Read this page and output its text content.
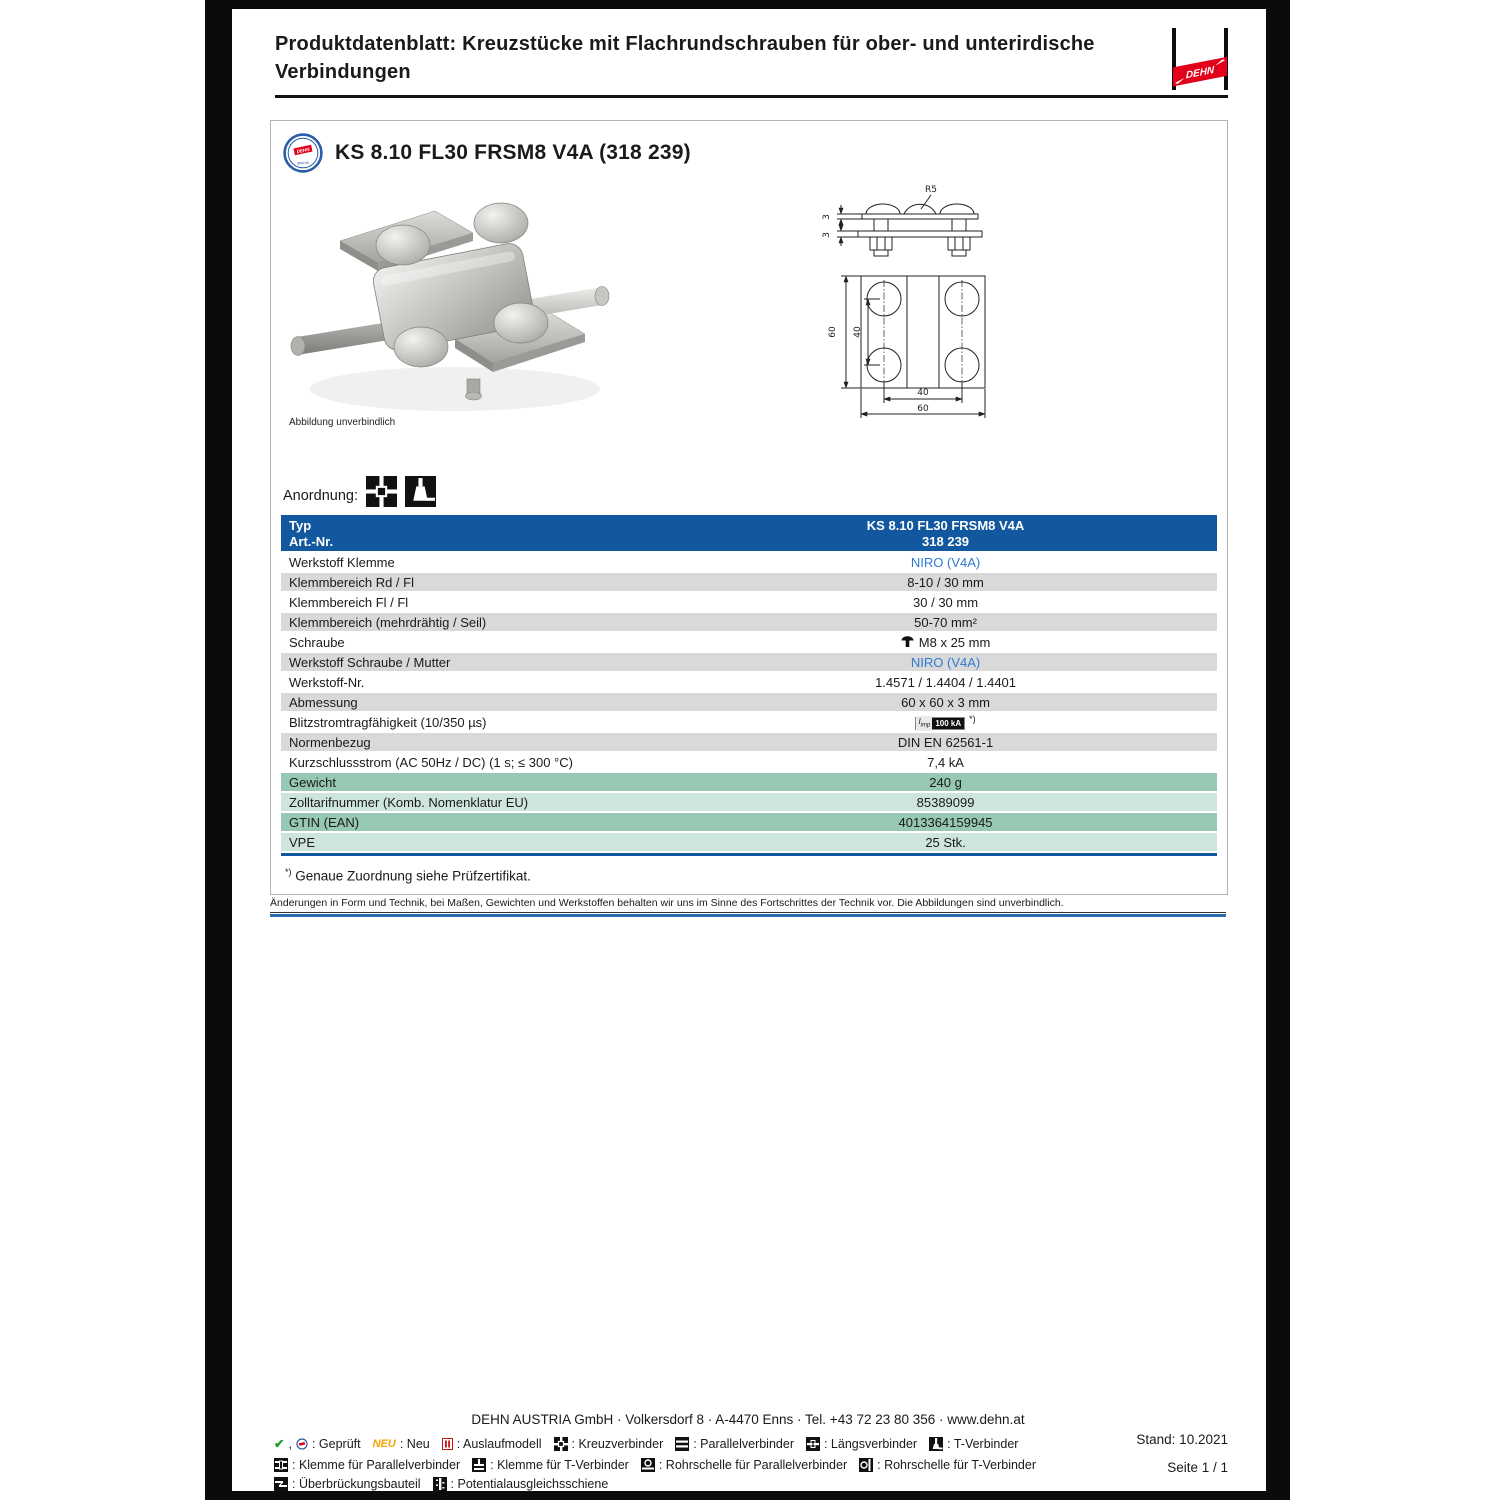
Produktdatenblatt: Kreuzstücke mit Flachrundschrauben für ober- und unterirdische Verbindungen	DEHN
DEHN
geprüft KS 8.10 FL30 FRSM8 V4A (318 239)
Abbildung unverbindlich
R5
3
3
60 40
40
60
Anordnung:
Typ	KS 8.10 FL30 FRSM8 V4A
Art.-Nr.	318 239
Werkstoff Klemme	NIRO (V4A)
Klemmbereich Rd / Fl	8-10 / 30 mm
Klemmbereich Fl / Fl	30 / 30 mm
Klemmbereich (mehrdrähtig / Seil)	50-70 mm²
Schraube	M8 x 25 mm
Werkstoff Schraube / Mutter	NIRO (V4A)
Werkstoff-Nr.	1.4571 / 1.4404 / 1.4401
Abmessung	60 x 60 x 3 mm
Blitzstromtragfähigkeit (10/350 µs)	$I_{imp}$ 100 kA *)
Normenbezug	DIN EN 62561-1
Kurzschlussstrom (AC 50Hz / DC) (1 s; ≤ 300 °C)	7,4 kA
Gewicht	240 g
Zolltarifnummer (Komb. Nomenklatur EU)	85389099
GTIN (EAN)	4013364159945
VPE	25 Stk.
*) Genaue Zuordnung siehe Prüfzertifikat.
Änderungen in Form und Technik, bei Maßen, Gewichten und Werkstoffen behalten wir uns im Sinne des Fortschrittes der Technik vor. Die Abbildungen sind unverbindlich.
DEHN AUSTRIA GmbH · Volkersdorf 8 · A-4470 Enns · Tel. +43 72 23 80 356 · www.dehn.at
✔ , : Geprüft NEU : Neu : Auslaufmodell : Kreuzverbinder : Parallelverbinder : Längsverbinder : T-Verbinder
: Klemme für Parallelverbinder : Klemme für T-Verbinder : Rohrschelle für Parallelverbinder : Rohrschelle für T-Verbinder
: Überbrückungsbauteil : Potentialausgleichsschiene
Stand: 10.2021
Seite 1 / 1
